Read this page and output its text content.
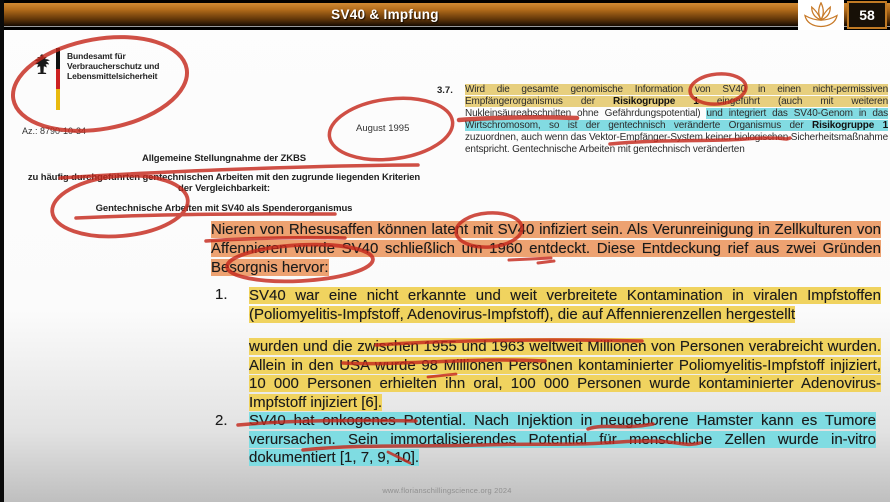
SV40 & Impfung	58
Bundesamt für
Verbraucherschutz und
Lebensmittelsicherheit
Az.: 8790-10-34	August 1995
Allgemeine Stellungnahme der ZKBS
zu häufig durchgeführten gentechnischen Arbeiten mit den zugrunde liegenden Kriterien
der Vergleichbarkeit:
Gentechnische Arbeiten mit SV40 als Spenderorganismus
3.7. Wird die gesamte genomische Information von SV40 in einen nicht-permissiven Empfängerorganismus der Risikogruppe 1 eingeführt (auch mit weiteren Nukleinsäureabschnitten ohne Gefährdungspotential) und integriert das SV40-Genom in das Wirtschromosom, so ist der gentechnisch veränderte Organismus der Risikogruppe 1 zuzuordnen, auch wenn das Vektor-Empfänger-System keiner biologischen Sicherheitsmaßnahme entspricht. Gentechnische Arbeiten mit gentechnisch veränderten
Nieren von Rhesusaffen können latent mit SV40 infiziert sein. Als Verunreinigung in Zellkulturen von Affennieren wurde SV40 schließlich um 1960 entdeckt. Diese Entdeckung rief aus zwei Gründen Besorgnis hervor:
1. SV40 war eine nicht erkannte und weit verbreitete Kontamination in viralen Impfstoffen (Poliomyelitis-Impfstoff, Adenovirus-Impfstoff), die auf Affennierenzellen hergestellt
wurden und die zwischen 1955 und 1963 weltweit Millionen von Personen verabreicht wurden. Allein in den USA wurde 98 Millionen Personen kontaminierter Poliomyelitis-Impfstoff injiziert, 10 000 Personen erhielten ihn oral, 100 000 Personen wurde kontaminierter Adenovirus-Impfstoff injiziert [6].
2. SV40 hat onkogenes Potential. Nach Injektion in neugeborene Hamster kann es Tumore verursachen. Sein immortalisierendes Potential für menschliche Zellen wurde in-vitro dokumentiert [1, 7, 9, 10].
www.florianschillingscience.org 2024
